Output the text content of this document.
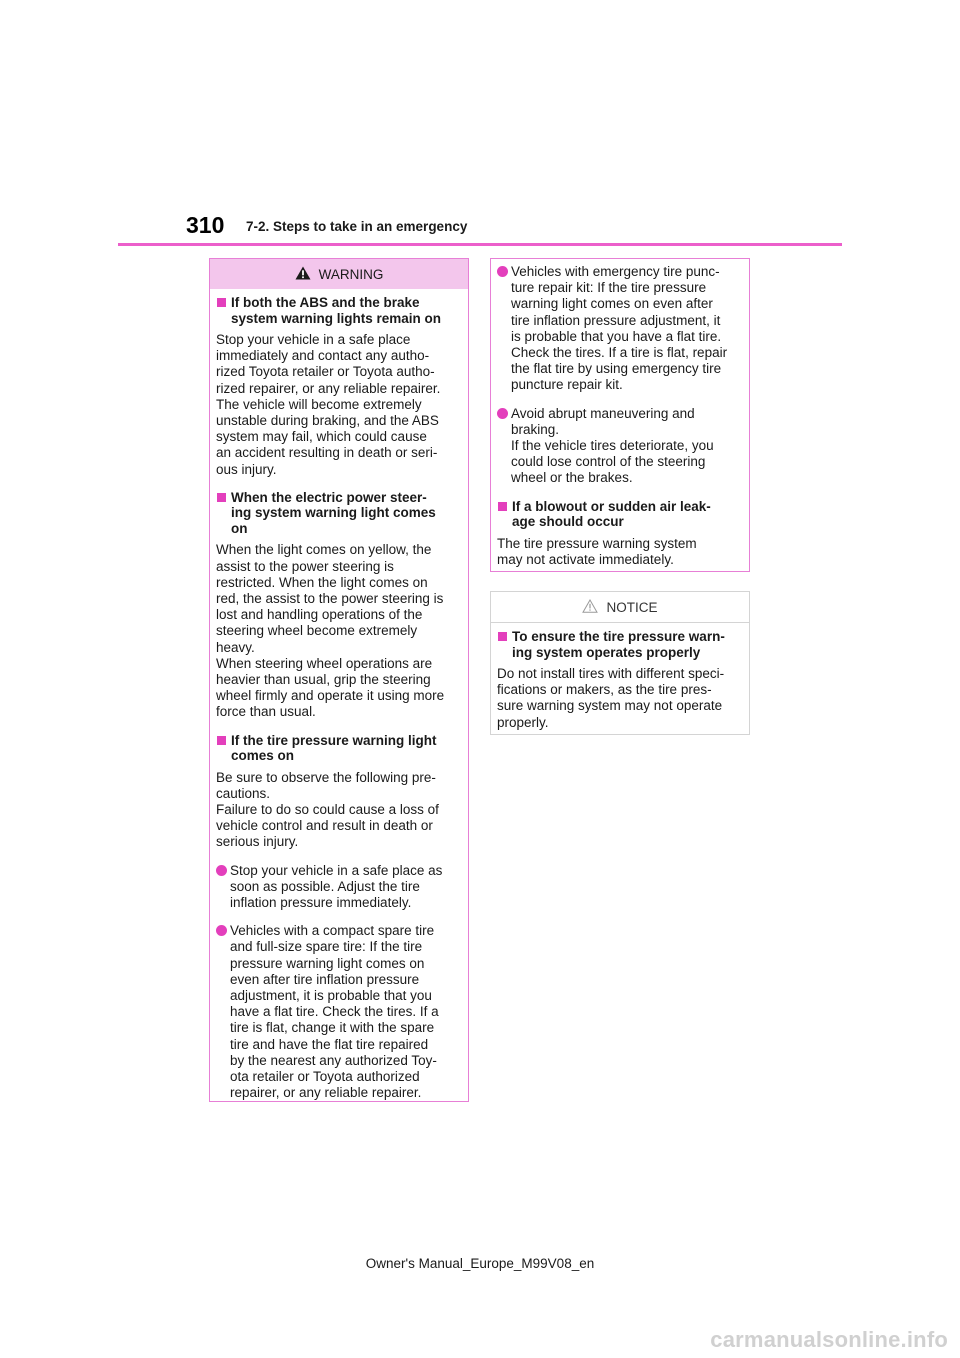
310 7-2. Steps to take in an emergency
WARNING
If both the ABS and the brake
system warning lights remain on
Stop your vehicle in a safe place
immediately and contact any autho-
rized Toyota retailer or Toyota autho-
rized repairer, or any reliable repairer.
The vehicle will become extremely
unstable during braking, and the ABS
system may fail, which could cause
an accident resulting in death or seri-
ous injury.
When the electric power steer-
ing system warning light comes
on
When the light comes on yellow, the
assist to the power steering is
restricted. When the light comes on
red, the assist to the power steering is
lost and handling operations of the
steering wheel become extremely
heavy.
When steering wheel operations are
heavier than usual, grip the steering
wheel firmly and operate it using more
force than usual.
If the tire pressure warning light
comes on
Be sure to observe the following pre-
cautions.
Failure to do so could cause a loss of
vehicle control and result in death or
serious injury.
Stop your vehicle in a safe place as
soon as possible. Adjust the tire
inflation pressure immediately.
Vehicles with a compact spare tire
and full-size spare tire: If the tire
pressure warning light comes on
even after tire inflation pressure
adjustment, it is probable that you
have a flat tire. Check the tires. If a
tire is flat, change it with the spare
tire and have the flat tire repaired
by the nearest any authorized Toy-
ota retailer or Toyota authorized
repairer, or any reliable repairer.
Vehicles with emergency tire punc-
ture repair kit: If the tire pressure
warning light comes on even after
tire inflation pressure adjustment, it
is probable that you have a flat tire.
Check the tires. If a tire is flat, repair
the flat tire by using emergency tire
puncture repair kit.
Avoid abrupt maneuvering and
braking.
If the vehicle tires deteriorate, you
could lose control of the steering
wheel or the brakes.
If a blowout or sudden air leak-
age should occur
The tire pressure warning system
may not activate immediately.
NOTICE
To ensure the tire pressure warn-
ing system operates properly
Do not install tires with different speci-
fications or makers, as the tire pres-
sure warning system may not operate
properly.
Owner's Manual_Europe_M99V08_en
carmanualsonline.info
